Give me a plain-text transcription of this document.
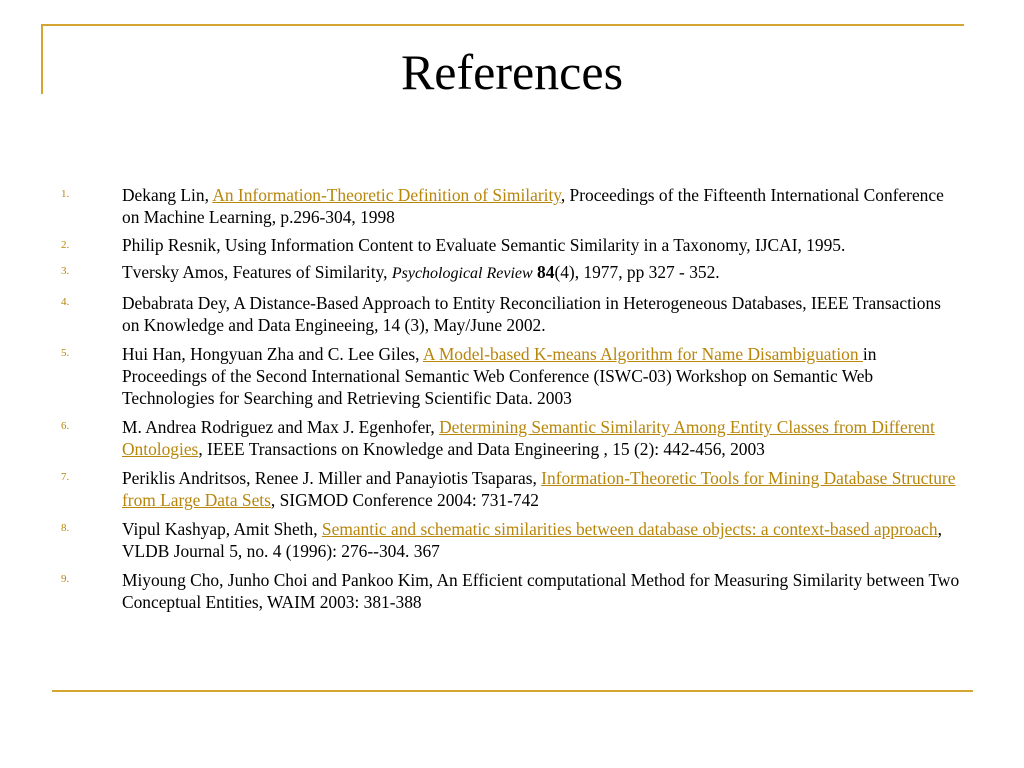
References
1.	Dekang Lin, An Information-Theoretic Definition of Similarity, Proceedings of the Fifteenth International Conference on Machine Learning, p.296-304, 1998
2.	Philip Resnik, Using Information Content to Evaluate Semantic Similarity in a Taxonomy, IJCAI, 1995.
3.	Tversky Amos, Features of Similarity, Psychological Review 84(4), 1977, pp 327 - 352.
4.	Debabrata Dey, A Distance-Based Approach to Entity Reconciliation in Heterogeneous Databases, IEEE Transactions on Knowledge and Data Engineeing, 14 (3), May/June 2002.
5.	Hui Han, Hongyuan Zha and C. Lee Giles, A Model-based K-means Algorithm for Name Disambiguation in Proceedings of the Second International Semantic Web Conference (ISWC-03) Workshop on Semantic Web Technologies for Searching and Retrieving Scientific Data. 2003
6.	M. Andrea Rodriguez and Max J. Egenhofer, Determining Semantic Similarity Among Entity Classes from Different Ontologies, IEEE Transactions on Knowledge and Data Engineering , 15 (2): 442-456, 2003
7.	Periklis Andritsos, Renee J. Miller and Panayiotis Tsaparas, Information-Theoretic Tools for Mining Database Structure from Large Data Sets, SIGMOD Conference 2004: 731-742
8.	Vipul Kashyap, Amit Sheth, Semantic and schematic similarities between database objects: a context-based approach, VLDB Journal 5, no. 4 (1996): 276--304. 367
9.	Miyoung Cho, Junho Choi and Pankoo Kim, An Efficient computational Method for Measuring Similarity between Two Conceptual Entities, WAIM 2003: 381-388
